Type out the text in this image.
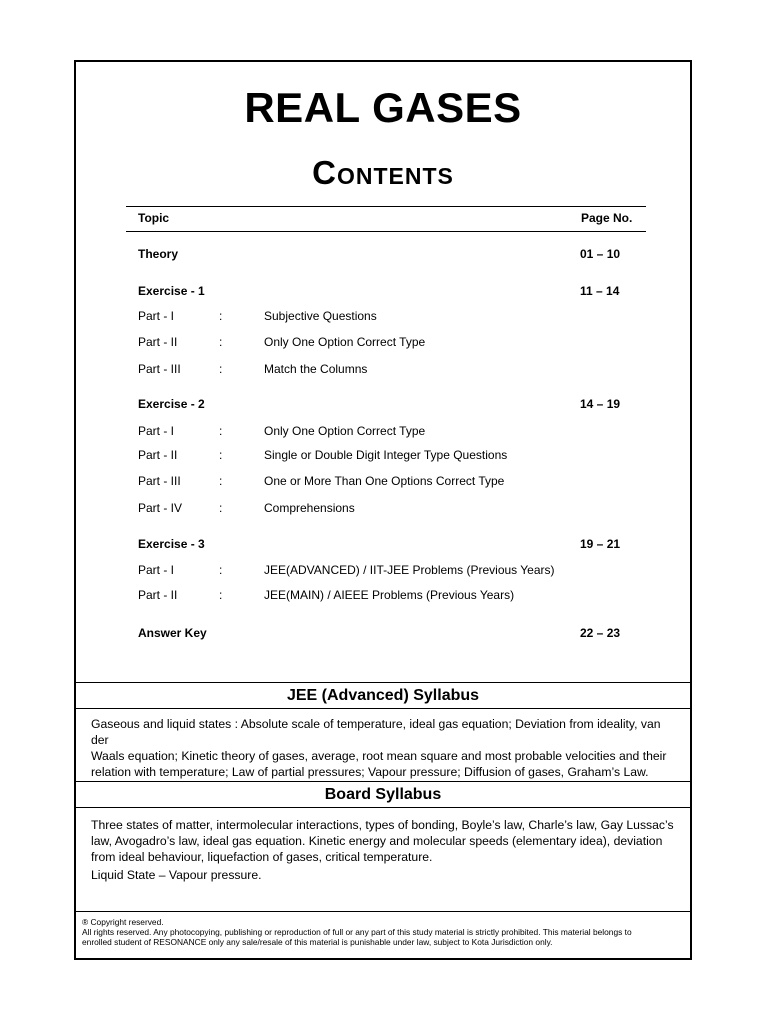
REAL GASES
Contents
Topic	Page No.
Theory	01 – 10
Exercise - 1	11 – 14
Part - I	:	Subjective Questions
Part - II	:	Only One Option Correct Type
Part - III	:	Match the Columns
Exercise - 2	14 – 19
Part - I	:	Only One Option Correct Type
Part - II	:	Single or Double Digit Integer Type Questions
Part - III	:	One or More Than One Options Correct Type
Part - IV	:	Comprehensions
Exercise - 3	19 – 21
Part - I	:	JEE(ADVANCED) / IIT-JEE Problems (Previous Years)
Part - II	:	JEE(MAIN) / AIEEE Problems (Previous Years)
Answer Key	22 – 23
JEE (Advanced) Syllabus
Gaseous and liquid states : Absolute scale of temperature, ideal gas equation; Deviation from ideality, van der
Waals equation; Kinetic theory of gases, average, root mean square and most probable velocities and their
relation with temperature; Law of partial pressures; Vapour pressure; Diffusion of gases, Graham’s Law.
Board Syllabus
Three states of matter, intermolecular interactions, types of bonding, Boyle’s law, Charle’s law, Gay Lussac’s
law, Avogadro’s law, ideal gas equation. Kinetic energy and molecular speeds (elementary idea), deviation
from ideal behaviour, liquefaction of gases, critical temperature.
Liquid State – Vapour pressure.
® Copyright reserved.
All rights reserved. Any photocopying, publishing or reproduction of full or any part of this study material is strictly prohibited. This material belongs to
enrolled student of RESONANCE only any sale/resale of this material is punishable under law, subject to Kota Jurisdiction only.
